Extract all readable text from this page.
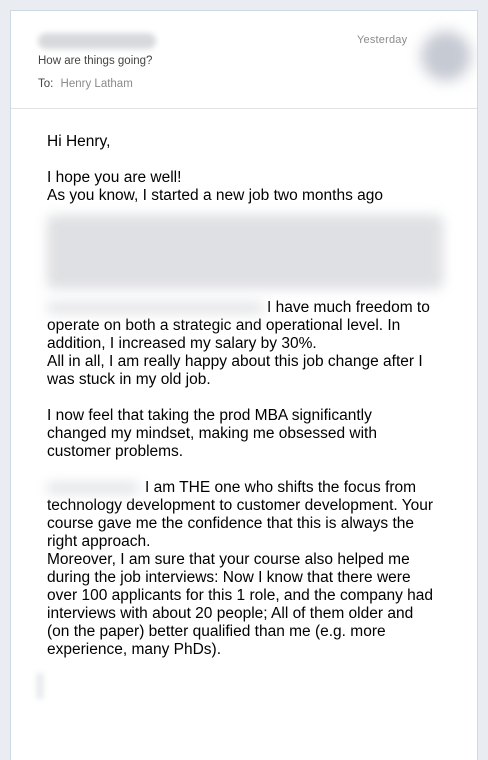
Yesterday
How are things going?
To: Henry Latham

Hi Henry,

I hope you are well!
As you know, I started a new job two months ago
I have much freedom to
operate on both a strategic and operational level. In
addition, I increased my salary by 30%.
All in all, I am really happy about this job change after I
was stuck in my old job.

I now feel that taking the prod MBA significantly
changed my mindset, making me obsessed with
customer problems.

I am THE one who shifts the focus from
technology development to customer development. Your
course gave me the confidence that this is always the
right approach.
Moreover, I am sure that your course also helped me
during the job interviews: Now I know that there were
over 100 applicants for this 1 role, and the company had
interviews with about 20 people; All of them older and
(on the paper) better qualified than me (e.g. more
experience, many PhDs).
